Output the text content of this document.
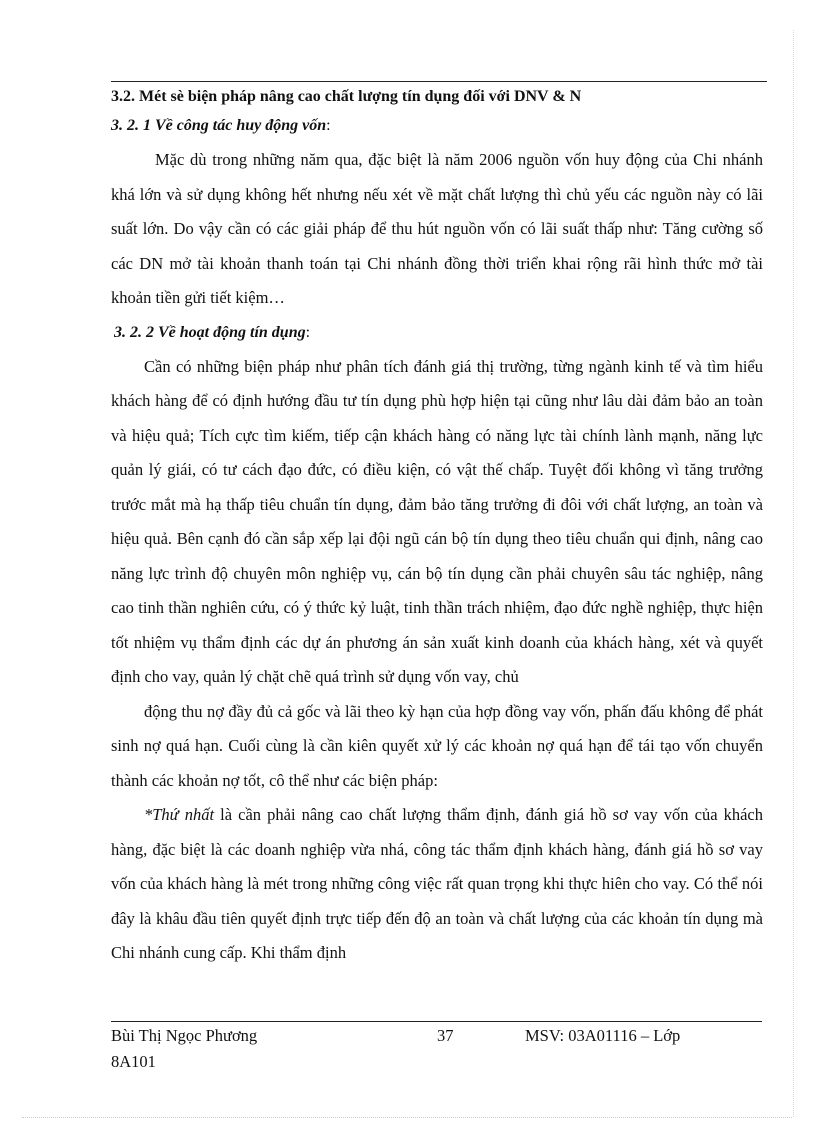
3.2. Mét sè biện pháp nâng cao chất lượng tín dụng đối với DNV & N

3. 2. 1 Về công tác huy động vốn:

Mặc dù trong những năm qua, đặc biệt là năm 2006 nguồn vốn huy động của Chi nhánh khá lớn và sử dụng không hết nhưng nếu xét về mặt chất lượng thì chủ yếu các nguồn này có lãi suất lớn. Do vậy cần có các giải pháp để thu hút nguồn vốn có lãi suất thấp như: Tăng cường số các DN mở tài khoản thanh toán tại Chi nhánh đồng thời triển khai rộng rãi hình thức mở tài khoản tiền gửi tiết kiệm…

3. 2. 2 Về hoạt động tín dụng:

Cần có những biện pháp như phân tích đánh giá thị trường, từng ngành kinh tế và tìm hiểu khách hàng để có định hướng đầu tư tín dụng phù hợp hiện tại cũng như lâu dài đảm bảo an toàn và hiệu quả; Tích cực tìm kiếm, tiếp cận khách hàng có năng lực tài chính lành mạnh, năng lực quản lý giái, có tư cách đạo đức, có điều kiện, có vật thế chấp. Tuyệt đối không vì tăng trưởng trước mắt mà hạ thấp tiêu chuẩn tín dụng, đảm bảo tăng trưởng đi đôi với chất lượng, an toàn và hiệu quả. Bên cạnh đó cần sắp xếp lại đội ngũ cán bộ tín dụng theo tiêu chuẩn qui định, nâng cao năng lực trình độ chuyên môn nghiệp vụ, cán bộ tín dụng cần phải chuyên sâu tác nghiệp, nâng cao tinh thần nghiên cứu, có ý thức kỷ luật, tinh thần trách nhiệm, đạo đức nghề nghiệp, thực hiện tốt nhiệm vụ thẩm định các dự án phương án sản xuất kinh doanh của khách hàng, xét và quyết định cho vay, quản lý chặt chẽ quá trình sử dụng vốn vay, chủ

động thu nợ đầy đủ cả gốc và lãi theo kỳ hạn của hợp đồng vay vốn, phấn đấu không để phát sinh nợ quá hạn. Cuối cùng là cần kiên quyết xử lý các khoản nợ quá hạn để tái tạo vốn chuyển thành các khoản nợ tốt, cô thể như các biện pháp:

*Thứ nhất là cần phải nâng cao chất lượng thẩm định, đánh giá hồ sơ vay vốn của khách hàng, đặc biệt là các doanh nghiệp vừa nhá, công tác thẩm định khách hàng, đánh giá hồ sơ vay vốn của khách hàng là mét trong những công việc rất quan trọng khi thực hiên cho vay. Có thể nói đây là khâu đầu tiên quyết định trực tiếp đến độ an toàn và chất lượng của các khoản tín dụng mà Chi nhánh cung cấp. Khi thẩm định

Bùi Thị Ngọc Phương
8A101
37	MSV: 03A01116 – Lớp
